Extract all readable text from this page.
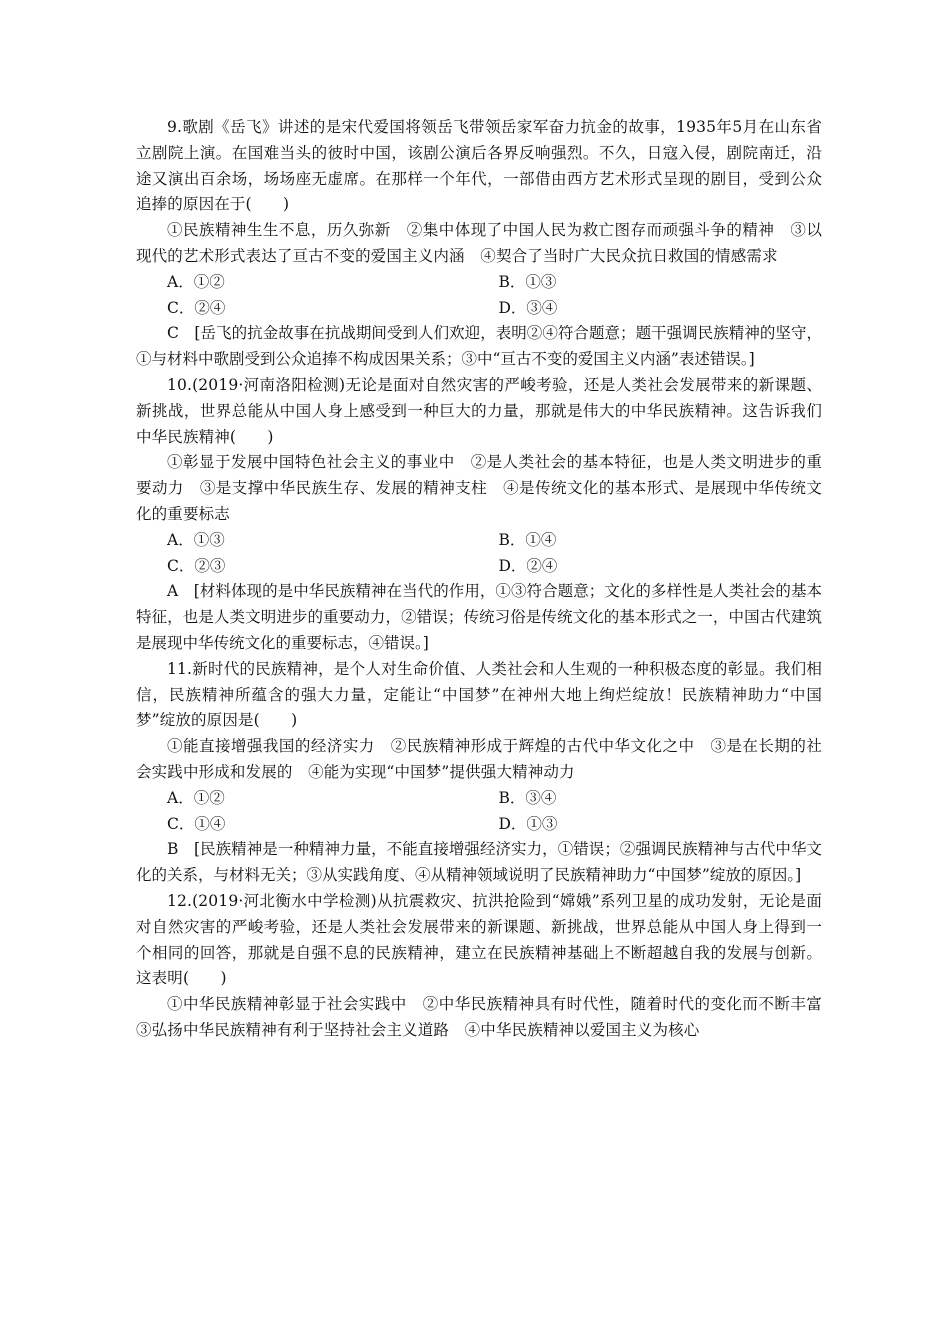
9.歌剧《岳飞》讲述的是宋代爱国将领岳飞带领岳家军奋力抗金的故事，1935年5月在山东省立剧院上演。在国难当头的彼时中国，该剧公演后各界反响强烈。不久，日寇入侵，剧院南迁，沿途又演出百余场，场场座无虚席。在那样一个年代，一部借由西方艺术形式呈现的剧目，受到公众追捧的原因在于(　　)

①民族精神生生不息，历久弥新　②集中体现了中国人民为救亡图存而顽强斗争的精神　③以现代的艺术形式表达了亘古不变的爱国主义内涵　④契合了当时广大民众抗日救国的情感需求

A．①②	B．①③
C．②④	D．③④

C　[岳飞的抗金故事在抗战期间受到人们欢迎，表明②④符合题意；题干强调民族精神的坚守，①与材料中歌剧受到公众追捧不构成因果关系；③中“亘古不变的爱国主义内涵”表述错误。]

10.(2019·河南洛阳检测)无论是面对自然灾害的严峻考验，还是人类社会发展带来的新课题、新挑战，世界总能从中国人身上感受到一种巨大的力量，那就是伟大的中华民族精神。这告诉我们中华民族精神(　　)

①彰显于发展中国特色社会主义的事业中　②是人类社会的基本特征，也是人类文明进步的重要动力　③是支撑中华民族生存、发展的精神支柱　④是传统文化的基本形式、是展现中华传统文化的重要标志

A．①③	B．①④
C．②③	D．②④

A　[材料体现的是中华民族精神在当代的作用，①③符合题意；文化的多样性是人类社会的基本特征，也是人类文明进步的重要动力，②错误；传统习俗是传统文化的基本形式之一，中国古代建筑是展现中华传统文化的重要标志，④错误。]

11.新时代的民族精神，是个人对生命价值、人类社会和人生观的一种积极态度的彰显。我们相信，民族精神所蕴含的强大力量，定能让“中国梦”在神州大地上绚烂绽放！民族精神助力“中国梦”绽放的原因是(　　)

①能直接增强我国的经济实力　②民族精神形成于辉煌的古代中华文化之中　③是在长期的社会实践中形成和发展的　④能为实现“中国梦”提供强大精神动力

A．①②	B．③④
C．①④	D．①③

B　[民族精神是一种精神力量，不能直接增强经济实力，①错误；②强调民族精神与古代中华文化的关系，与材料无关；③从实践角度、④从精神领域说明了民族精神助力“中国梦”绽放的原因。]

12.(2019·河北衡水中学检测)从抗震救灾、抗洪抢险到“嫦娥”系列卫星的成功发射，无论是面对自然灾害的严峻考验，还是人类社会发展带来的新课题、新挑战，世界总能从中国人身上得到一个相同的回答，那就是自强不息的民族精神，建立在民族精神基础上不断超越自我的发展与创新。这表明(　　)

①中华民族精神彰显于社会实践中　②中华民族精神具有时代性，随着时代的变化而不断丰富　③弘扬中华民族精神有利于坚持社会主义道路　④中华民族精神以爱国主义为核心
